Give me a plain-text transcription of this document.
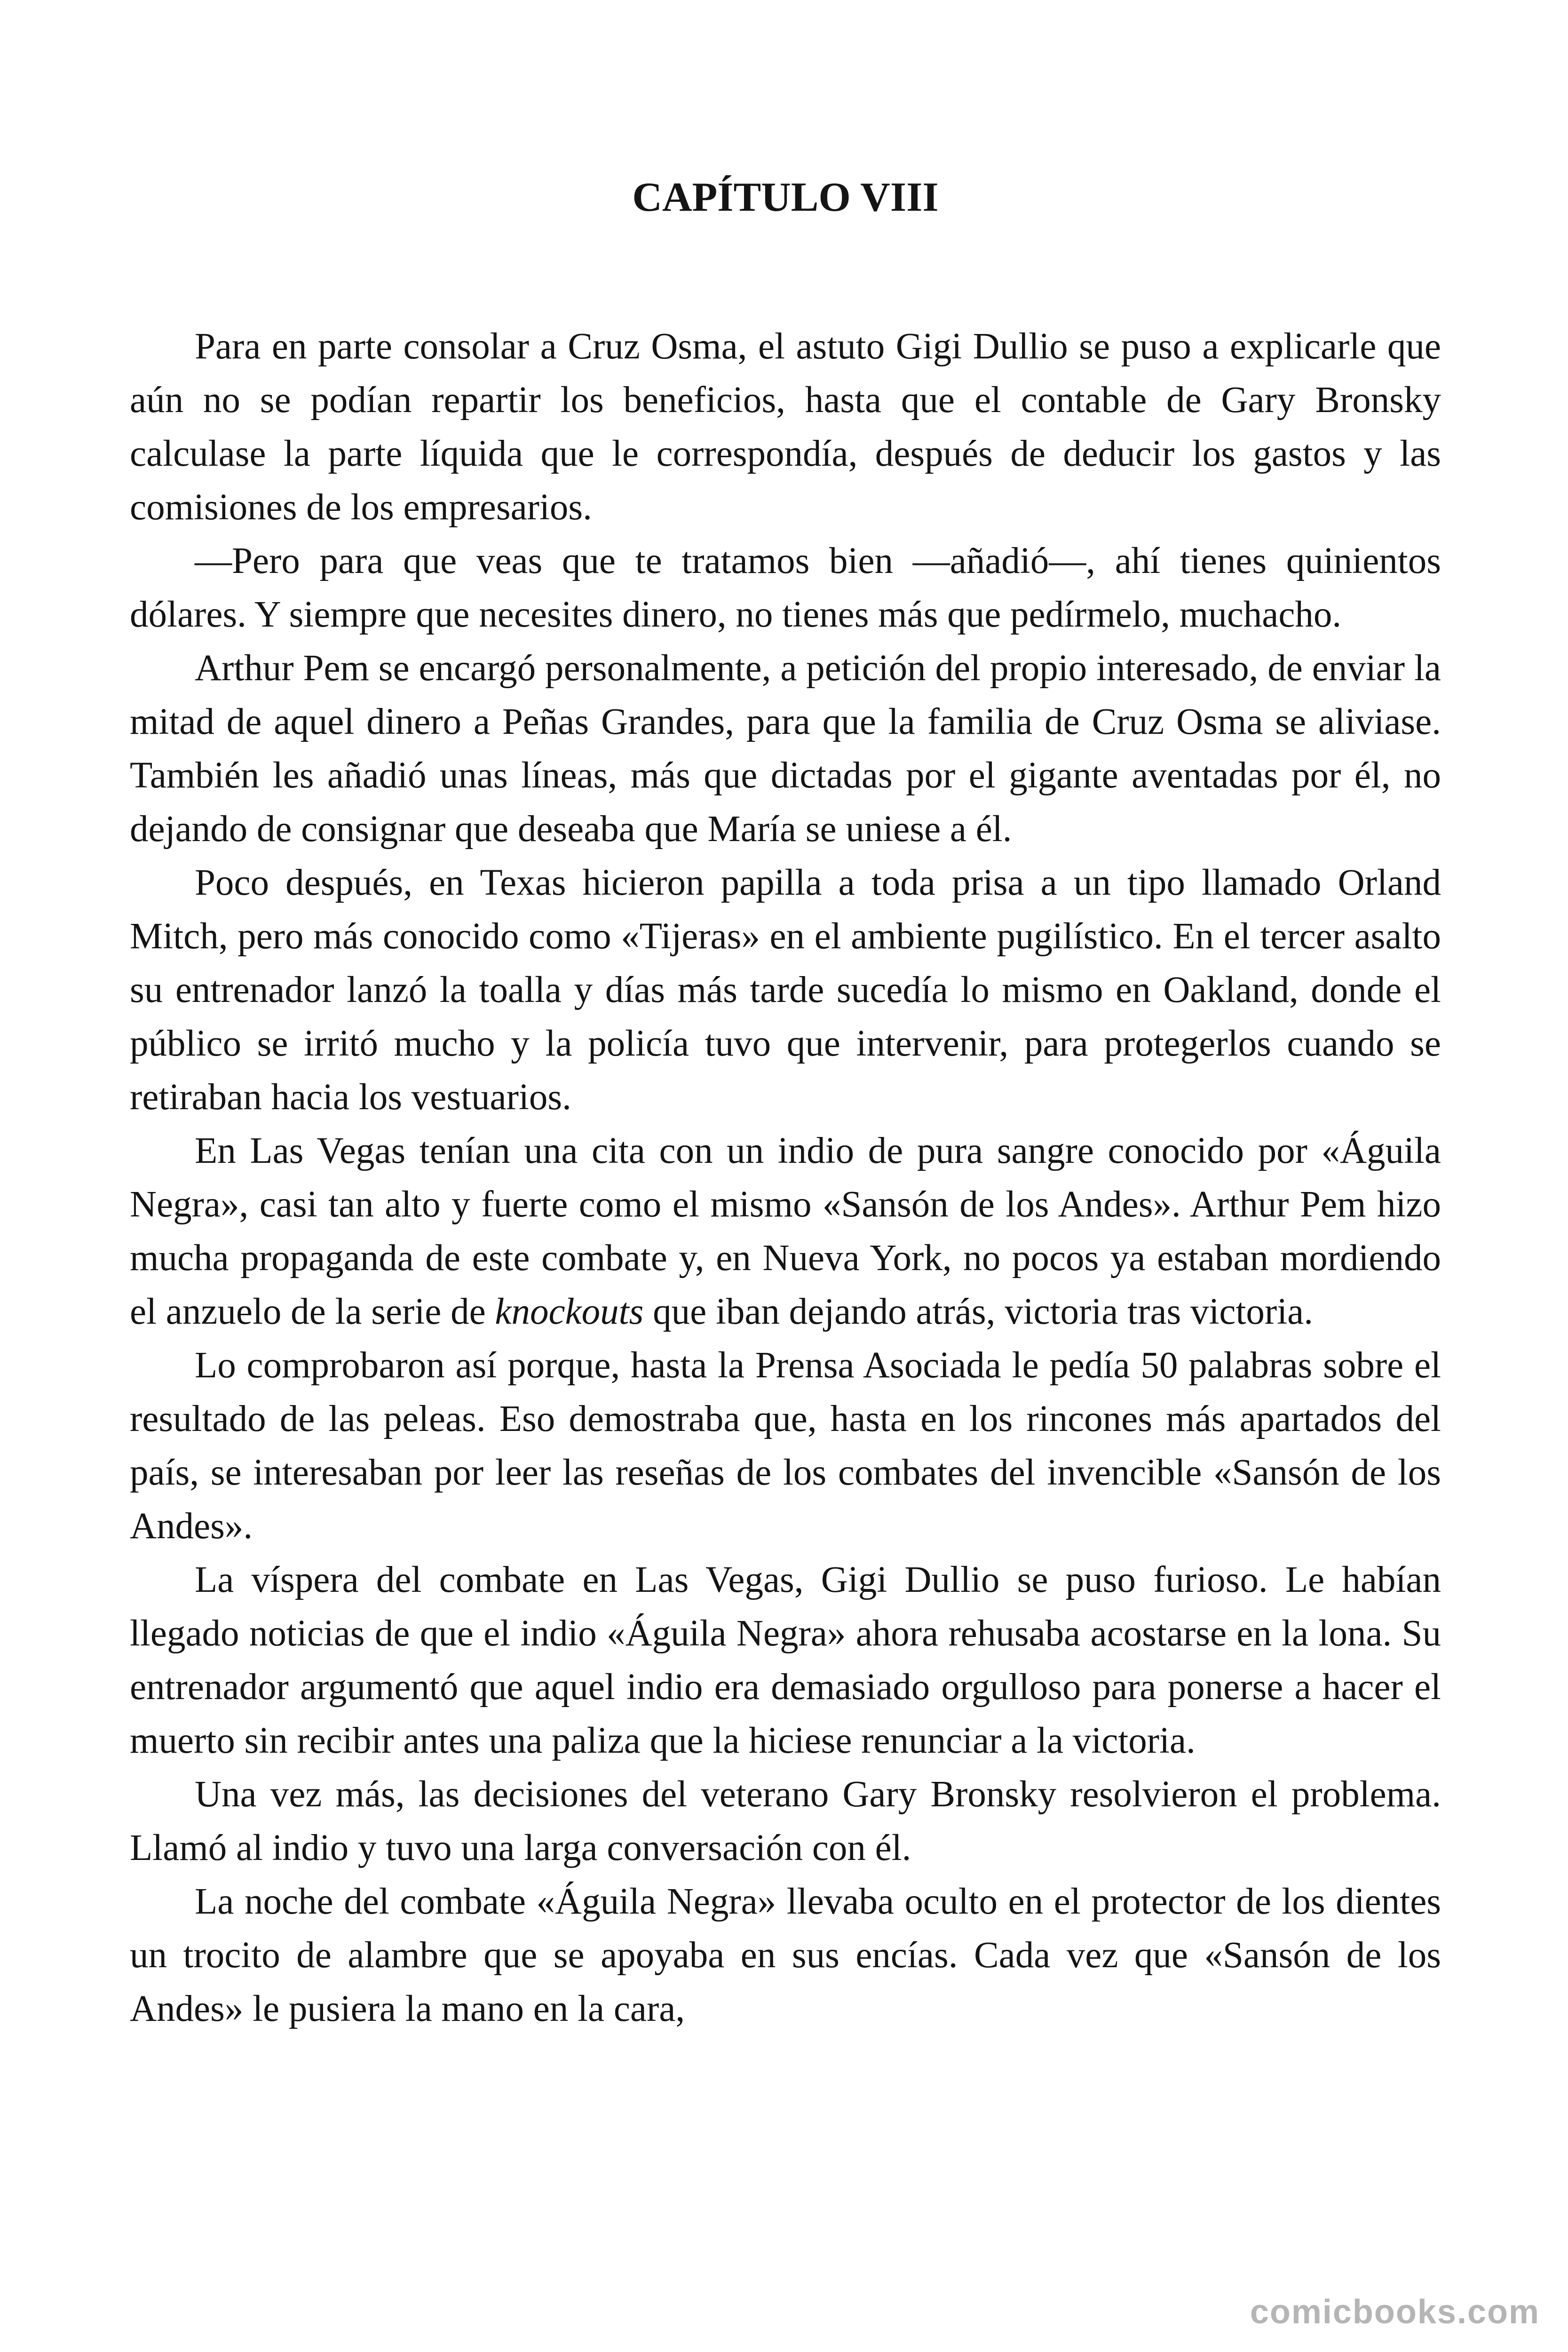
CAPÍTULO VIII

Para en parte consolar a Cruz Osma, el astuto Gigi Dullio se puso a explicarle que aún no se podían repartir los beneficios, hasta que el contable de Gary Bronsky calculase la parte líquida que le correspondía, después de deducir los gastos y las comisiones de los empresarios.

—Pero para que veas que te tratamos bien —añadió—, ahí tienes quinientos dólares. Y siempre que necesites dinero, no tienes más que pedírmelo, muchacho.

Arthur Pem se encargó personalmente, a petición del propio interesado, de enviar la mitad de aquel dinero a Peñas Grandes, para que la familia de Cruz Osma se aliviase. También les añadió unas líneas, más que dictadas por el gigante aventadas por él, no dejando de consignar que deseaba que María se uniese a él.

Poco después, en Texas hicieron papilla a toda prisa a un tipo llamado Orland Mitch, pero más conocido como «Tijeras» en el ambiente pugilístico. En el tercer asalto su entrenador lanzó la toalla y días más tarde sucedía lo mismo en Oakland, donde el público se irritó mucho y la policía tuvo que intervenir, para protegerlos cuando se retiraban hacia los vestuarios.

En Las Vegas tenían una cita con un indio de pura sangre conocido por «Águila Negra», casi tan alto y fuerte como el mismo «Sansón de los Andes». Arthur Pem hizo mucha propaganda de este combate y, en Nueva York, no pocos ya estaban mordiendo el anzuelo de la serie de knockouts que iban dejando atrás, victoria tras victoria.

Lo comprobaron así porque, hasta la Prensa Asociada le pedía 50 palabras sobre el resultado de las peleas. Eso demostraba que, hasta en los rincones más apartados del país, se interesaban por leer las reseñas de los combates del invencible «Sansón de los Andes».

La víspera del combate en Las Vegas, Gigi Dullio se puso furioso. Le habían llegado noticias de que el indio «Águila Negra» ahora rehusaba acostarse en la lona. Su entrenador argumentó que aquel indio era demasiado orgulloso para ponerse a hacer el muerto sin recibir antes una paliza que la hiciese renunciar a la victoria.

Una vez más, las decisiones del veterano Gary Bronsky resolvieron el problema. Llamó al indio y tuvo una larga conversación con él.

La noche del combate «Águila Negra» llevaba oculto en el protector de los dientes un trocito de alambre que se apoyaba en sus encías. Cada vez que «Sansón de los Andes» le pusiera la mano en la cara,

comicbooks.com
